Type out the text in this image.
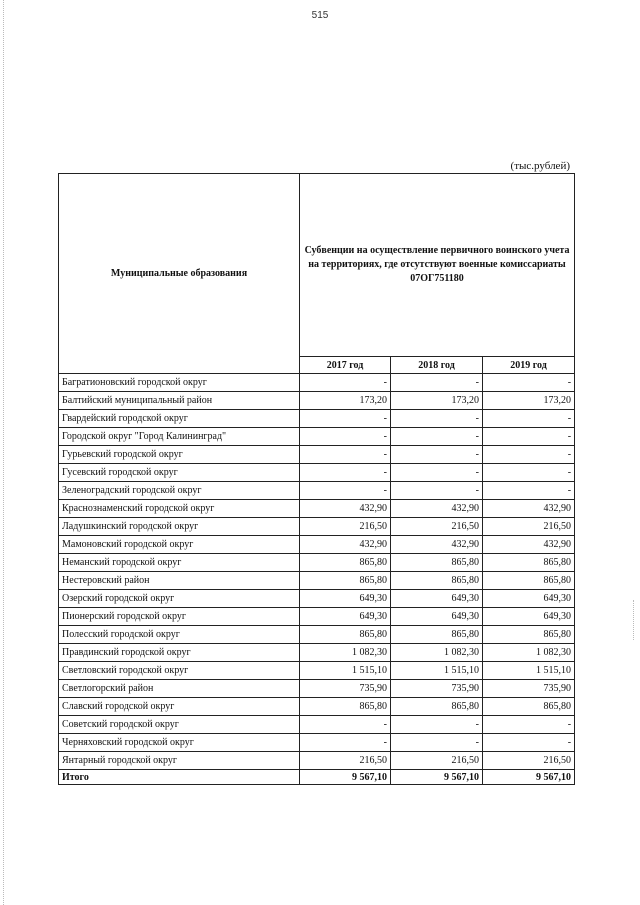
515
(тыс.рублей)
Муниципальные образования	Субвенции на осуществление первичного воинского учета на территориях, где отсутствуют военные комиссариаты 07ОГ751180		
	2017 год	2018 год	2019 год
Багратионовский городской округ	-	-	-
Балтийский муниципальный район	173,20	173,20	173,20
Гвардейский городской округ	-	-	-
Городской округ "Город Калининград"	-	-	-
Гурьевский городской округ	-	-	-
Гусевский городской округ	-	-	-
Зеленоградский городской округ	-	-	-
Краснознаменский городской округ	432,90	432,90	432,90
Ладушкинский городской округ	216,50	216,50	216,50
Мамоновский городской округ	432,90	432,90	432,90
Неманский городской округ	865,80	865,80	865,80
Нестеровский район	865,80	865,80	865,80
Озерский городской округ	649,30	649,30	649,30
Пионерский городской округ	649,30	649,30	649,30
Полесский городской округ	865,80	865,80	865,80
Правдинский городской округ	1 082,30	1 082,30	1 082,30
Светловский городской округ	1 515,10	1 515,10	1 515,10
Светлогорский район	735,90	735,90	735,90
Славский городской округ	865,80	865,80	865,80
Советский городской округ	-	-	-
Черняховский городской округ	-	-	-
Янтарный городской округ	216,50	216,50	216,50
Итого	9 567,10	9 567,10	9 567,10
